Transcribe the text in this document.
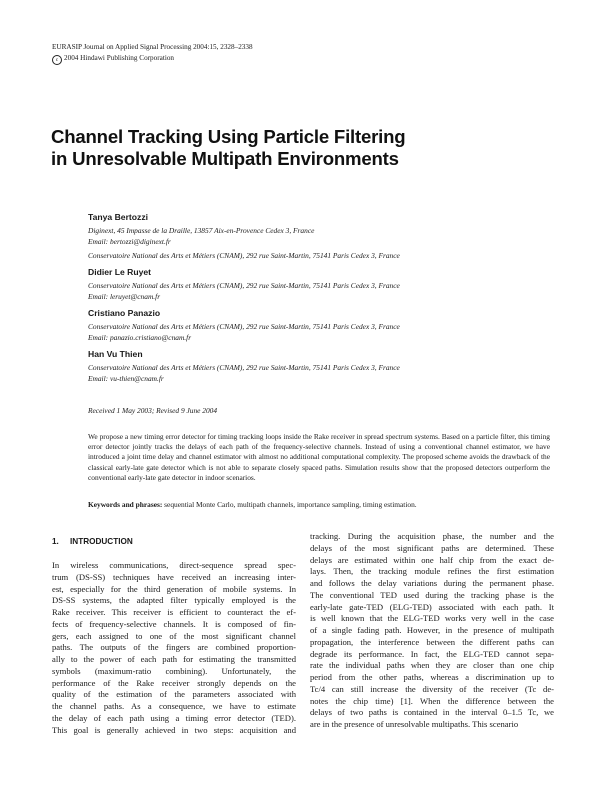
EURASIP Journal on Applied Signal Processing 2004:15, 2328–2338
c 2004 Hindawi Publishing Corporation
Channel Tracking Using Particle Filtering
in Unresolvable Multipath Environments
Tanya Bertozzi
Diginext, 45 Impasse de la Draille, 13857 Aix-en-Provence Cedex 3, France
Email: bertozzi@diginext.fr
Conservatoire National des Arts et Métiers (CNAM), 292 rue Saint-Martin, 75141 Paris Cedex 3, France
Didier Le Ruyet
Conservatoire National des Arts et Métiers (CNAM), 292 rue Saint-Martin, 75141 Paris Cedex 3, France
Email: leruyet@cnam.fr
Cristiano Panazio
Conservatoire National des Arts et Métiers (CNAM), 292 rue Saint-Martin, 75141 Paris Cedex 3, France
Email: panazio.cristiano@cnam.fr
Han Vu Thien
Conservatoire National des Arts et Métiers (CNAM), 292 rue Saint-Martin, 75141 Paris Cedex 3, France
Email: vu-thien@cnam.fr
Received 1 May 2003; Revised 9 June 2004
We propose a new timing error detector for timing tracking loops inside the Rake receiver in spread spectrum systems. Based on a particle filter, this timing error detector jointly tracks the delays of each path of the frequency-selective channels. Instead of using a conventional channel estimator, we have introduced a joint time delay and channel estimator with almost no additional computational complexity. The proposed scheme avoids the drawback of the classical early-late gate detector which is not able to separate closely spaced paths. Simulation results show that the proposed detectors outperform the conventional early-late gate detector in indoor scenarios.
Keywords and phrases: sequential Monte Carlo, multipath channels, importance sampling, timing estimation.
1. INTRODUCTION

In wireless communications, direct-sequence spread spec-
trum (DS-SS) techniques have received an increasing inter-
est, especially for the third generation of mobile systems. In
DS-SS systems, the adapted filter typically employed is the
Rake receiver. This receiver is efficient to counteract the ef-
fects of frequency-selective channels. It is composed of fin-
gers, each assigned to one of the most significant channel
paths. The outputs of the fingers are combined proportion-
ally to the power of each path for estimating the transmitted
symbols (maximum-ratio combining). Unfortunately, the
performance of the Rake receiver strongly depends on the
quality of the estimation of the parameters associated with
the channel paths. As a consequence, we have to estimate
the delay of each path using a timing error detector (TED).
This goal is generally achieved in two steps: acquisition and

tracking. During the acquisition phase, the number and the
delays of the most significant paths are determined. These
delays are estimated within one half chip from the exact de-
lays. Then, the tracking module refines the first estimation
and follows the delay variations during the permanent phase.
The conventional TED used during the tracking phase is the
early-late gate-TED (ELG-TED) associated with each path. It
is well known that the ELG-TED works very well in the case
of a single fading path. However, in the presence of multipath
propagation, the interference between the different paths can
degrade its performance. In fact, the ELG-TED cannot sepa-
rate the individual paths when they are closer than one chip
period from the other paths, whereas a discrimination up to
Tc/4 can still increase the diversity of the receiver (Tc de-
notes the chip time) [1]. When the difference between the
delays of two paths is contained in the interval 0–1.5 Tc, we
are in the presence of unresolvable multipaths. This scenario
